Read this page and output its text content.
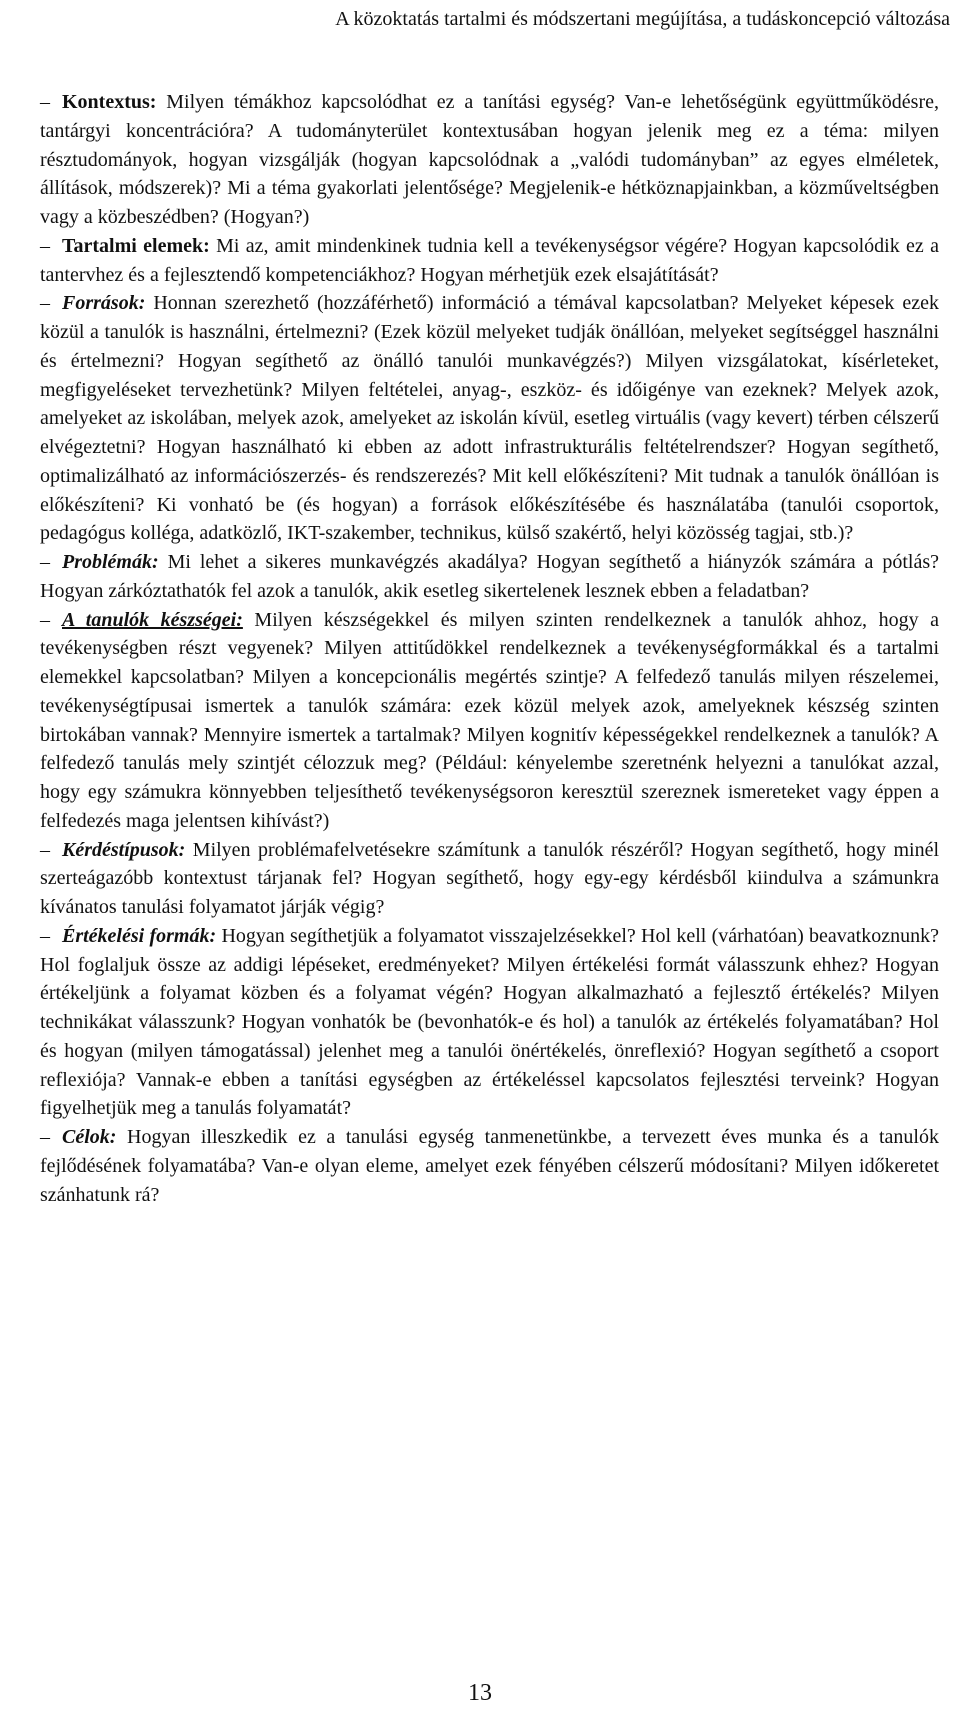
A közoktatás tartalmi és módszertani megújítása, a tudáskoncepció változása

– Kontextus: Milyen témákhoz kapcsolódhat ez a tanítási egység? Van-e lehetőségünk együttműködésre, tantárgyi koncentrációra? A tudományterület kontextusában hogyan jelenik meg ez a téma: milyen résztudományok, hogyan vizsgálják (hogyan kapcsolódnak a „valódi tudományban” az egyes elméletek, állítások, módszerek)? Mi a téma gyakorlati jelentősége? Megjelenik-e hétköznapjainkban, a közműveltségben vagy a közbeszédben? (Hogyan?)

– Tartalmi elemek: Mi az, amit mindenkinek tudnia kell a tevékenységsor végére? Hogyan kapcsolódik ez a tantervhez és a fejlesztendő kompetenciákhoz? Hogyan mérhetjük ezek elsajátítását?

– Források: Honnan szerezhető (hozzáférhető) információ a témával kapcsolatban? Melyeket képesek ezek közül a tanulók is használni, értelmezni? (Ezek közül melyeket tudják önállóan, melyeket segítséggel használni és értelmezni? Hogyan segíthető az önálló tanulói munkavégzés?) Milyen vizsgálatokat, kísérleteket, megfigyeléseket tervezhetünk? Milyen feltételei, anyag-, eszköz- és időigénye van ezeknek? Melyek azok, amelyeket az iskolában, melyek azok, amelyeket az iskolán kívül, esetleg virtuális (vagy kevert) térben célszerű elvégeztetni? Hogyan használható ki ebben az adott infrastrukturális feltételrendszer? Hogyan segíthető, optimalizálható az információszerzés- és rendszerezés? Mit kell előkészíteni? Mit tudnak a tanulók önállóan is előkészíteni? Ki vonható be (és hogyan) a források előkészítésébe és használatába (tanulói csoportok, pedagógus kolléga, adatközlő, IKT-szakember, technikus, külső szakértő, helyi közösség tagjai, stb.)?

– Problémák: Mi lehet a sikeres munkavégzés akadálya? Hogyan segíthető a hiányzók számára a pótlás? Hogyan zárkóztathatók fel azok a tanulók, akik esetleg sikertelenek lesznek ebben a feladatban?

– A tanulók készségei: Milyen készségekkel és milyen szinten rendelkeznek a tanulók ahhoz, hogy a tevékenységben részt vegyenek? Milyen attitűdökkel rendelkeznek a tevékenységformákkal és a tartalmi elemekkel kapcsolatban? Milyen a koncepcionális megértés szintje? A felfedező tanulás milyen részelemei, tevékenységtípusai ismertek a tanulók számára: ezek közül melyek azok, amelyeknek készség szinten birtokában vannak? Mennyire ismertek a tartalmak? Milyen kognitív képességekkel rendelkeznek a tanulók? A felfedező tanulás mely szintjét célozzuk meg? (Például: kényelembe szeretnénk helyezni a tanulókat azzal, hogy egy számukra könnyebben teljesíthető tevékenységsoron keresztül szereznek ismereteket vagy éppen a felfedezés maga jelentsen kihívást?)

– Kérdéstípusok: Milyen problémafelvetésekre számítunk a tanulók részéről? Hogyan segíthető, hogy minél szerteágazóbb kontextust tárjanak fel? Hogyan segíthető, hogy egy-egy kérdésből kiindulva a számunkra kívánatos tanulási folyamatot járják végig?

– Értékelési formák: Hogyan segíthetjük a folyamatot visszajelzésekkel? Hol kell (várhatóan) beavatkoznunk? Hol foglaljuk össze az addigi lépéseket, eredményeket? Milyen értékelési formát válasszunk ehhez? Hogyan értékeljünk a folyamat közben és a folyamat végén? Hogyan alkalmazható a fejlesztő értékelés? Milyen technikákat válasszunk? Hogyan vonhatók be (bevonhatók-e és hol) a tanulók az értékelés folyamatában? Hol és hogyan (milyen támogatással) jelenhet meg a tanulói önértékelés, önreflexió? Hogyan segíthető a csoport reflexiója? Vannak-e ebben a tanítási egységben az értékeléssel kapcsolatos fejlesztési terveink? Hogyan figyelhetjük meg a tanulás folyamatát?

– Célok: Hogyan illeszkedik ez a tanulási egység tanmenetünkbe, a tervezett éves munka és a tanulók fejlődésének folyamatába? Van-e olyan eleme, amelyet ezek fényében célszerű módosítani? Milyen időkeretet szánhatunk rá?

13
